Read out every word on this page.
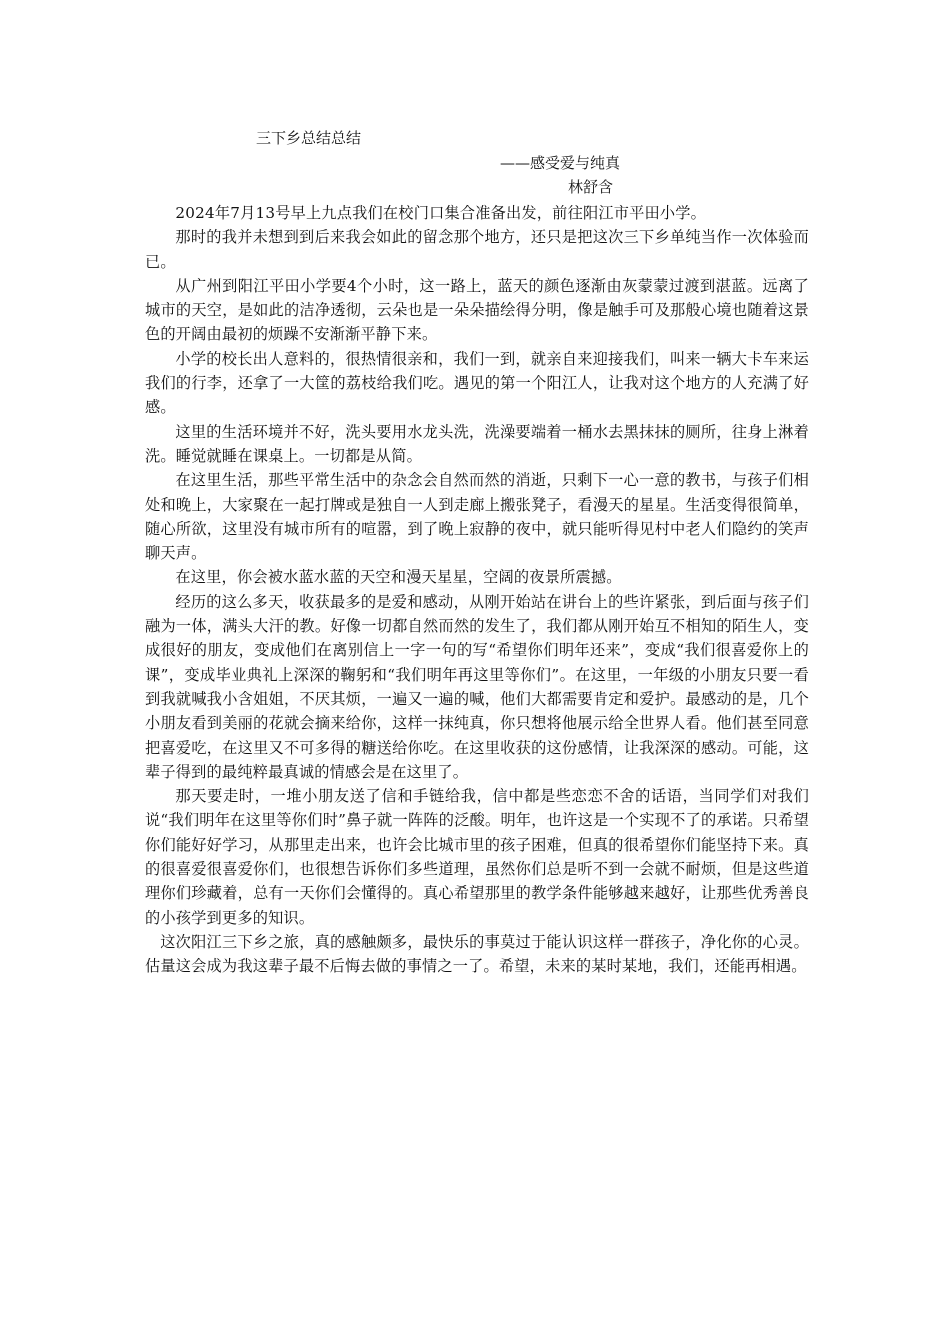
三下乡总结总结
——感受爱与纯真
林舒含

2024年7月13号早上九点我们在校门口集合准备出发，前往阳江市平田小学。

那时的我并未想到到后来我会如此的留念那个地方，还只是把这次三下乡单纯当作一次体验而已。

从广州到阳江平田小学要4个小时，这一路上，蓝天的颜色逐渐由灰蒙蒙过渡到湛蓝。远离了城市的天空，是如此的洁净透彻，云朵也是一朵朵描绘得分明，像是触手可及那般心境也随着这景色的开阔由最初的烦躁不安渐渐平静下来。

小学的校长出人意料的，很热情很亲和，我们一到，就亲自来迎接我们，叫来一辆大卡车来运我们的行李，还拿了一大筐的荔枝给我们吃。遇见的第一个阳江人，让我对这个地方的人充满了好感。

这里的生活环境并不好，洗头要用水龙头洗，洗澡要端着一桶水去黑抹抹的厕所，往身上淋着洗。睡觉就睡在课桌上。一切都是从简。

在这里生活，那些平常生活中的杂念会自然而然的消逝，只剩下一心一意的教书，与孩子们相处和晚上，大家聚在一起打牌或是独自一人到走廊上搬张凳子，看漫天的星星。生活变得很简单，随心所欲，这里没有城市所有的喧嚣，到了晚上寂静的夜中，就只能听得见村中老人们隐约的笑声聊天声。

在这里，你会被水蓝水蓝的天空和漫天星星，空阔的夜景所震撼。

经历的这么多天，收获最多的是爱和感动，从刚开始站在讲台上的些许紧张，到后面与孩子们融为一体，满头大汗的教。好像一切都自然而然的发生了，我们都从刚开始互不相知的陌生人，变成很好的朋友，变成他们在离别信上一字一句的写“希望你们明年还来”，变成“我们很喜爱你上的课”，变成毕业典礼上深深的鞠躬和“我们明年再这里等你们”。在这里，一年级的小朋友只要一看到我就喊我小含姐姐，不厌其烦，一遍又一遍的喊，他们大都需要肯定和爱护。最感动的是，几个小朋友看到美丽的花就会摘来给你，这样一抹纯真，你只想将他展示给全世界人看。他们甚至同意把喜爱吃，在这里又不可多得的糖送给你吃。在这里收获的这份感情，让我深深的感动。可能，这辈子得到的最纯粹最真诚的情感会是在这里了。

那天要走时，一堆小朋友送了信和手链给我，信中都是些恋恋不舍的话语，当同学们对我们说“我们明年在这里等你们时”鼻子就一阵阵的泛酸。明年，也许这是一个实现不了的承诺。只希望你们能好好学习，从那里走出来，也许会比城市里的孩子困难，但真的很希望你们能坚持下来。真的很喜爱很喜爱你们，也很想告诉你们多些道理，虽然你们总是听不到一会就不耐烦，但是这些道理你们珍藏着，总有一天你们会懂得的。真心希望那里的教学条件能够越来越好，让那些优秀善良的小孩学到更多的知识。

这次阳江三下乡之旅，真的感触颇多，最快乐的事莫过于能认识这样一群孩子，净化你的心灵。估量这会成为我这辈子最不后悔去做的事情之一了。希望，未来的某时某地，我们，还能再相遇。
